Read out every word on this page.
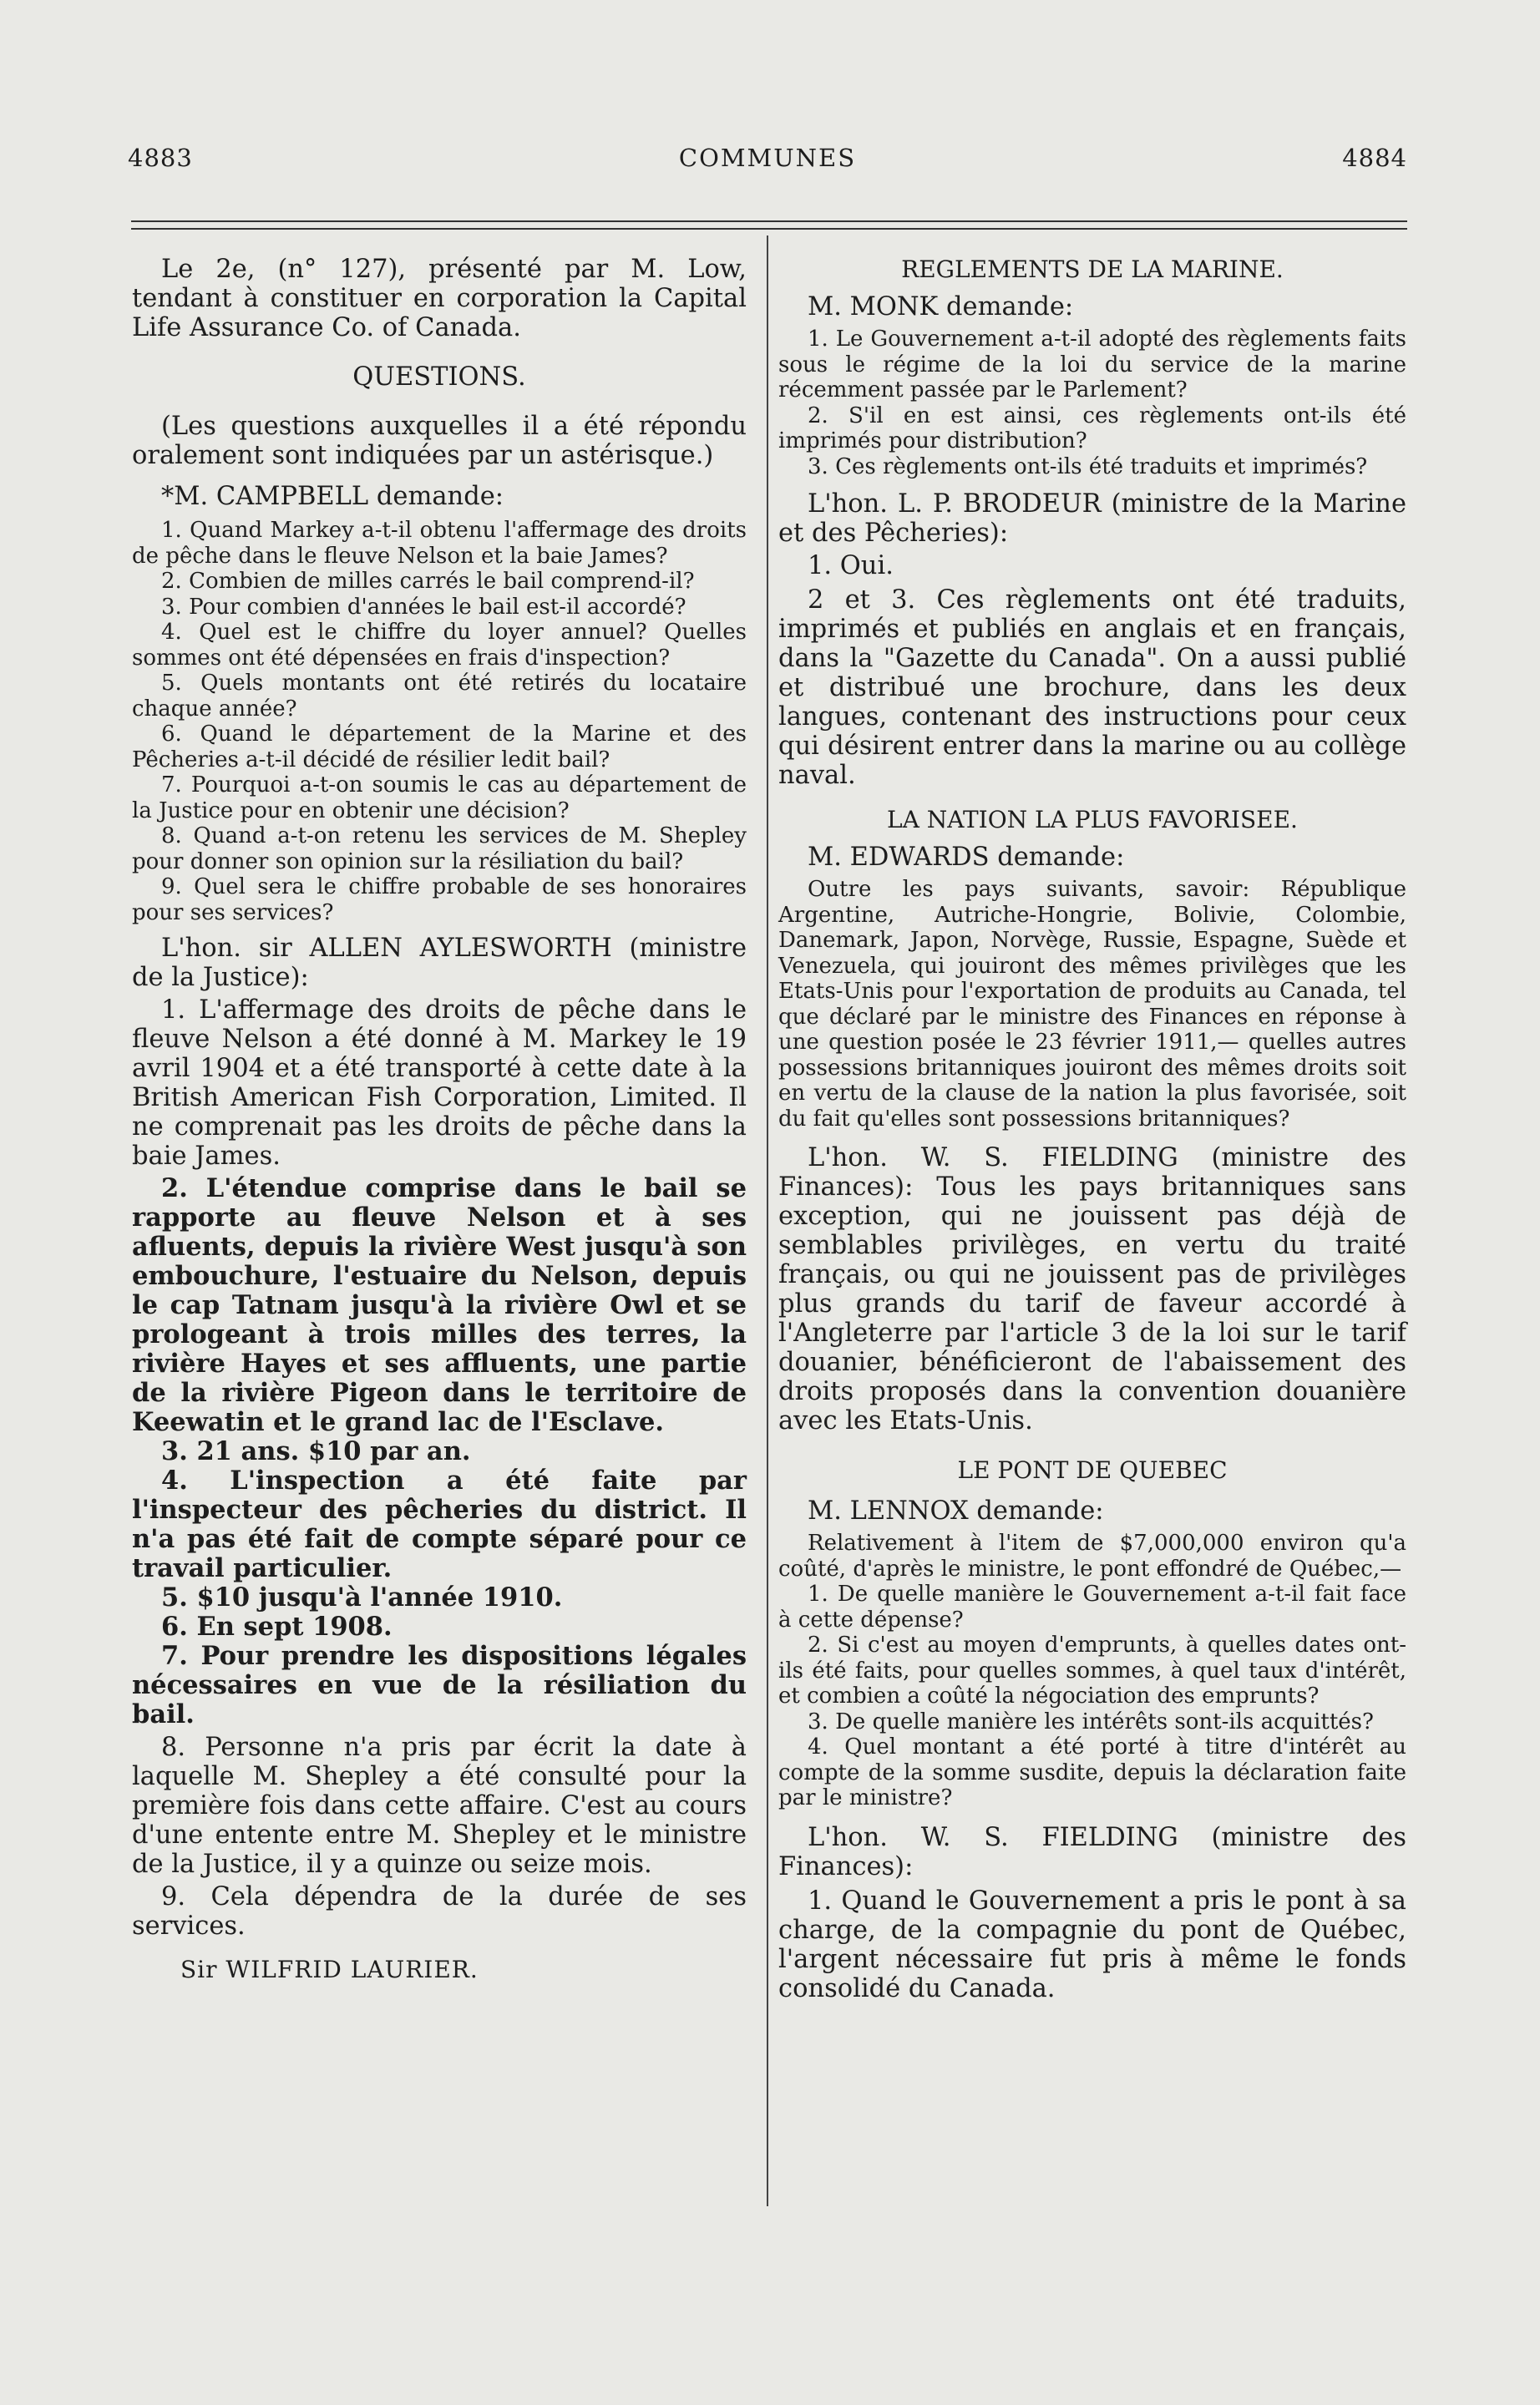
4883	COMMUNES	4884

Le 2e, (n° 127), présenté par M. Low, tendant à constituer en corporation la Capital Life Assurance Co. of Canada.

QUESTIONS.

(Les questions auxquelles il a été répondu oralement sont indiquées par un astérisque.)

*M. CAMPBELL demande:

1. Quand Markey a-t-il obtenu l'affermage des droits de pêche dans le fleuve Nelson et la baie James?

2. Combien de milles carrés le bail comprend-il?

3. Pour combien d'années le bail est-il accordé?

4. Quel est le chiffre du loyer annuel? Quelles sommes ont été dépensées en frais d'inspection?

5. Quels montants ont été retirés du locataire chaque année?

6. Quand le département de la Marine et des Pêcheries a-t-il décidé de résilier ledit bail?

7. Pourquoi a-t-on soumis le cas au département de la Justice pour en obtenir une décision?

8. Quand a-t-on retenu les services de M. Shepley pour donner son opinion sur la résiliation du bail?

9. Quel sera le chiffre probable de ses honoraires pour ses services?

L'hon. sir ALLEN AYLESWORTH (ministre de la Justice):

1. L'affermage des droits de pêche dans le fleuve Nelson a été donné à M. Markey le 19 avril 1904 et a été transporté à cette date à la British American Fish Corporation, Limited. Il ne comprenait pas les droits de pêche dans la baie James.

2. L'étendue comprise dans le bail se rapporte au fleuve Nelson et à ses afluents, depuis la rivière West jusqu'à son embouchure, l'estuaire du Nelson, depuis le cap Tatnam jusqu'à la rivière Owl et se prologeant à trois milles des terres, la rivière Hayes et ses affluents, une partie de la rivière Pigeon dans le territoire de Keewatin et le grand lac de l'Esclave.

3. 21 ans. $10 par an.

4. L'inspection a été faite par l'inspecteur des pêcheries du district. Il n'a pas été fait de compte séparé pour ce travail particulier.

5. $10 jusqu'à l'année 1910.

6. En sept 1908.

7. Pour prendre les dispositions légales nécessaires en vue de la résiliation du bail.

8. Personne n'a pris par écrit la date à laquelle M. Shepley a été consulté pour la première fois dans cette affaire. C'est au cours d'une entente entre M. Shepley et le ministre de la Justice, il y a quinze ou seize mois.

9. Cela dépendra de la durée de ses services.

Sir WILFRID LAURIER.

REGLEMENTS DE LA MARINE.

M. MONK demande:

1. Le Gouvernement a-t-il adopté des règlements faits sous le régime de la loi du service de la marine récemment passée par le Parlement?

2. S'il en est ainsi, ces règlements ont-ils été imprimés pour distribution?

3. Ces règlements ont-ils été traduits et imprimés?

L'hon. L. P. BRODEUR (ministre de la Marine et des Pêcheries):

1. Oui.

2 et 3. Ces règlements ont été traduits, imprimés et publiés en anglais et en français, dans la "Gazette du Canada". On a aussi publié et distribué une brochure, dans les deux langues, contenant des instructions pour ceux qui désirent entrer dans la marine ou au collège naval.

LA NATION LA PLUS FAVORISEE.

M. EDWARDS demande:

Outre les pays suivants, savoir: République Argentine, Autriche-Hongrie, Bolivie, Colombie, Danemark, Japon, Norvège, Russie, Espagne, Suède et Venezuela, qui jouiront des mêmes privilèges que les Etats-Unis pour l'exportation de produits au Canada, tel que déclaré par le ministre des Finances en réponse à une question posée le 23 février 1911,— quelles autres possessions britanniques jouiront des mêmes droits soit en vertu de la clause de la nation la plus favorisée, soit du fait qu'elles sont possessions britanniques?

L'hon. W. S. FIELDING (ministre des Finances): Tous les pays britanniques sans exception, qui ne jouissent pas déjà de semblables privilèges, en vertu du traité français, ou qui ne jouissent pas de privilèges plus grands du tarif de faveur accordé à l'Angleterre par l'article 3 de la loi sur le tarif douanier, bénéficieront de l'abaissement des droits proposés dans la convention douanière avec les Etats-Unis.

LE PONT DE QUEBEC

M. LENNOX demande:

Relativement à l'item de $7,000,000 environ qu'a coûté, d'après le ministre, le pont effondré de Québec,—

1. De quelle manière le Gouvernement a-t-il fait face à cette dépense?

2. Si c'est au moyen d'emprunts, à quelles dates ont-ils été faits, pour quelles sommes, à quel taux d'intérêt, et combien a coûté la négociation des emprunts?

3. De quelle manière les intérêts sont-ils acquittés?

4. Quel montant a été porté à titre d'intérêt au compte de la somme susdite, depuis la déclaration faite par le ministre?

L'hon. W. S. FIELDING (ministre des Finances):

1. Quand le Gouvernement a pris le pont à sa charge, de la compagnie du pont de Québec, l'argent nécessaire fut pris à même le fonds consolidé du Canada.
